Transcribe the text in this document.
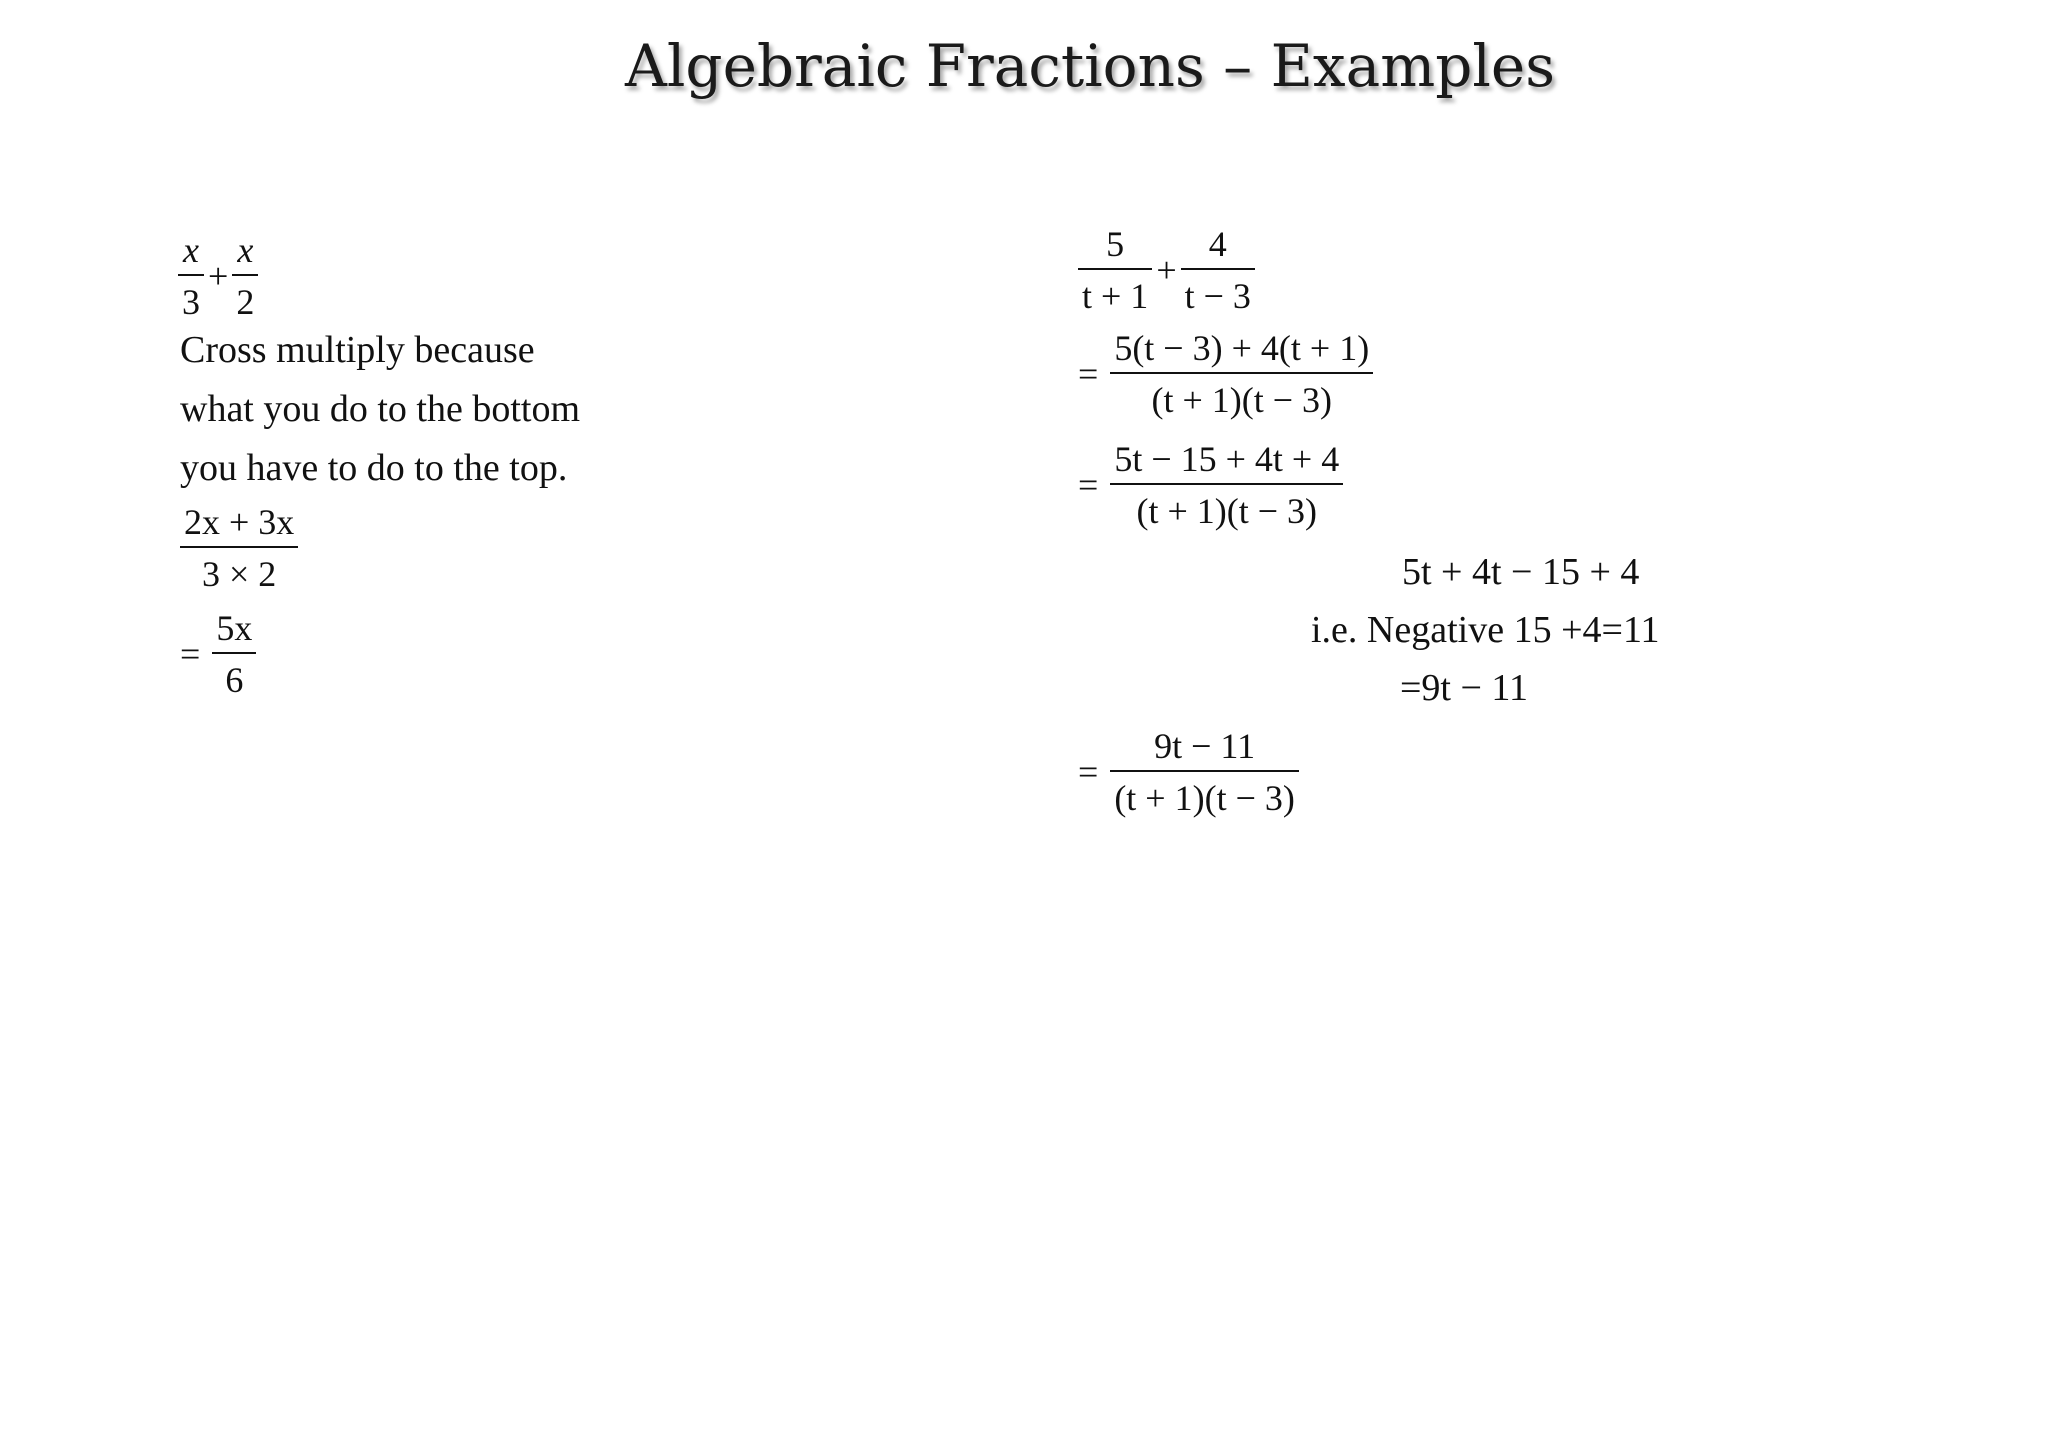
Algebraic Fractions – Examples
$\frac{x}{3} + \frac{x}{2}$
Cross multiply because
what you do to the bottom
you have to do to the top.
$\frac{2x + 3x}{3 \times 2}$
= $\frac{5x}{6}$
$\frac{5}{t + 1} + \frac{4}{t - 3}$
= $\frac{5(t - 3) + 4(t + 1)}{(t + 1)(t - 3)}$
= $\frac{5t - 15 + 4t + 4}{(t + 1)(t - 3)}$
5t + 4t − 15 + 4
i.e. Negative 15 +4=11
=9t − 11
= $\frac{9t - 11}{(t + 1)(t - 3)}$
